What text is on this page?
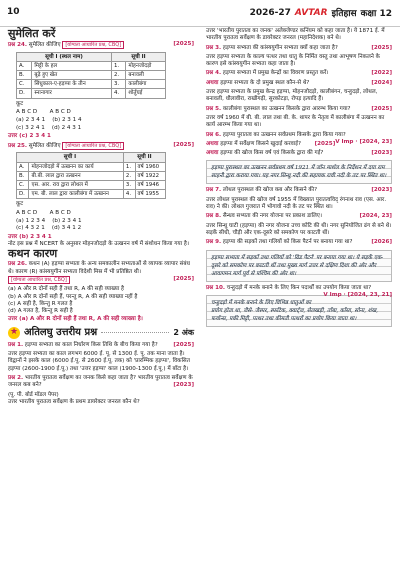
10	2026-27 AVTAR इतिहास कक्षा 12
सुमेलित करें
प्रश्न 24. सुमेलित कीजिए [योग्यता आधारित प्रश्न, CBQ]	[2025]
सूची I (स्थल नाम)		सूची II	
A.	मिट्टी के हल	1.	मोहनजोदड़ो
B.	बूढ़े हुए खेत	2.	बनावली
C.	सिंधुकाल-ए-हड़प्पा के तीन	3.	कालीबंगा
D.	स्नानागार	4.	शोर्तुघई
कूट
A B C D       A B C D
(a) 2 3 4 1    (b) 2 3 1 4
(c) 3 2 4 1    (d) 2 4 3 1
उत्तर (c) 2 3 4 1
प्रश्न 25. सुमेलित कीजिए [योग्यता आधारित प्रश्न, CBQ]	[2025]
सूची I		सूची II	
A.	मोहनजोदड़ो में उत्खनन का कार्य	1.	वर्ष 1960
B.	बी.बी. लाल द्वारा उत्खनन	2.	वर्ष 1922
C.	एस. आर. राव द्वारा लोथल में	3.	वर्ष 1946
D.	एम. बी. लाल द्वारा कालीबंगा में उत्खनन	4.	वर्ष 1955
कूट
A B C D       A B C D
(a) 1 2 3 4    (b) 2 3 4 1
(c) 4 3 2 1    (d) 3 4 1 2
उत्तर (b) 2 3 4 1
नोट इस प्रश्न में NCERT के अनुसार मोहनजोदड़ो के उत्खनन वर्ष में संशोधन किया गया है।
कथन कारण
प्रश्न 26. कथन (A) हड़प्पा सभ्यता के अन्य समकालीन सभ्यताओं से व्यापक व्यापार संबंध थे। कारण (R) कांस्ययुगीन सभ्यता विदेशी मिस्र में भी प्रतिष्ठित थी। [योग्यता आधारित प्रश्न, CBQ]	[2025]
(a) A और R दोनों सही हैं तथा R, A की सही व्याख्या है
(b) A और R दोनों सही हैं, परन्तु R, A की सही व्याख्या नहीं है
(c) A सही है, किन्तु R गलत है
(d) A गलत है, किन्तु R सही है
उत्तर (a) A और R दोनों सही हैं तथा R, A की सही व्याख्या है।
★ अतिलघु उत्तरीय प्रश्न	2 अंक
प्रश्न 1. हड़प्पा सभ्यता का काल निर्धारण किस तिथि के बीच किया गया है?	[2025]
उत्तर हड़प्पा सभ्यता का काल लगभग 6000 ई. पू. से 1300 ई. पू. तक माना जाता है। विद्वानों ने इसके काल (6000 ई.पू. से 2600 ई.पू. तक) को 'प्रारम्भिक हड़प्पा', विकसित हड़प्पा (2600-1900 ई.पू.) तथा 'उत्तर हड़प्पा' काल (1900-1300 ई.पू.) में बाँटा है।
प्रश्न 2. भारतीय पुरातत्व सर्वेक्षण का जनक किसे कहा जाता है? भारतीय पुरातत्व सर्वेक्षण के जनरल कब बने?	[2023]
(पू. पी. बोर्ड मॉडल पेपर)
उत्तर भारतीय पुरातत्व सर्वेक्षण के प्रथम डायरेक्टर जनरल कौन थे?
उत्तर 'भारतीय पुरातत्व का जनक' अलेक्जेण्डर कनिंघम को कहा जाता है। ये 1871 ई. में भारतीय पुरातत्व सर्वेक्षण के डायरेक्टर जनरल (महानिदेशक) बने थे।
प्रश्न 3. हड़प्पा सभ्यता की कांस्ययुगीन सभ्यता क्यों कहा जाता है?	[2025]
उत्तर हड़प्पा सभ्यता के काल्य पत्थर तथा धातु के निर्मित वस्तु तथा आभूषण निकलने के कारण इसे कांस्ययुगीन सभ्यता कहा जाता है।
प्रश्न 4. हड़प्पा सभ्यता में प्रमुख केन्द्रों का विवरण प्रस्तुत करें।	[2022]
अथवा हड़प्पा सभ्यता के दो प्रमुख स्थल कौन-से थे?	[2024]
उत्तर हड़प्पा सभ्यता के प्रमुख केन्द्र हड़प्पा, मोहनजोदड़ो, कालीबंगन, चन्हुदड़ो, लोथल, बनावली, धौलावीरा, राखीगढ़ी, सुरकोटड़ा, रोपड़ इत्यादि हैं।
प्रश्न 5. कालीबंगा पुरास्थल का उत्खनन किसके द्वारा आरम्भ किया गया?	[2025]
उत्तर वर्ष 1960 में बी. बी. लाल तथा बी. के. थापर के नेतृत्व में कालीबंगा में उत्खनन का कार्य आरम्भ किया गया था।
प्रश्न 6. हड़प्पा पुरातत्व का उत्खनन सर्वप्रथम किसके द्वारा किया गया?
V Imp · [2024, 23]
अथवा हड़प्पा में सर्वेक्षण किसने खुदाई करवाई? [2025]
अथवा हड़प्पा की खोज किस वर्ष एवं किसके द्वारा की गई?	[2023]
हड़प्पा पुरास्थल का उत्खनन सर्वप्रथम वर्ष 1921 में जॉन मार्शल के निर्देशन में दया राम साहनी द्वारा कराया गया। यह नगर सिन्धु नदी की सहायक रावी नदी के तट पर स्थित था।
प्रश्न 7. लोथल पुरास्थल की खोज कब और किसने की?	[2023]
उत्तर लोथल पुरास्थल की खोज वर्ष 1955 में विख्यात पुरातत्वविद् रंगनाथ राव (एस. आर. राव) ने की। लोथल गुजरात में भोगावो नदी के तट पर स्थित था।
प्रश्न 8. सैन्धव सभ्यता की नगर योजना पर प्रकाश डालिए।	[2024, 23]
उत्तर सिन्धु घाटी (हड़प्पा) की नगर योजना उच्च कोटि की थी। नगर सुनियोजित ढंग से बने थे। सड़कें सीधी, चौड़ी और एक-दूसरे को समकोण पर काटती थीं।
प्रश्न 9. हड़प्पा की सड़कों तथा गलियों को किस पैटर्न पर बनाया गया था?	[2026]
हड़प्पा सभ्यता में सड़कों तथा गलियों को 'ग्रिड पैटर्न' पर बनाया गया था। ये सड़कें एक-दूसरे को समकोण पर काटती थीं तथा मुख्य मार्ग उत्तर से दक्षिण दिशा की ओर और आवागमन मार्ग पूर्व से पश्चिम की ओर था।
प्रश्न 10. चन्हुदड़ो में मनके बनाने के लिए किन पदार्थों का उपयोग किया जाता था?
V Imp · [2024, 23, 21]
चन्हुदड़ो में मनके बनाने के लिए विभिन्न धातुओं का प्रयोग होता था, जैसे- जैस्पर, स्फटिक, क्वार्ट्ज, सेलखड़ी, ताँबा, काँसा, सोना, शंख, फयॉन्स, पकी मिट्टी, पत्थर तथा कीमती पत्थरों का प्रयोग किया जाता था।
